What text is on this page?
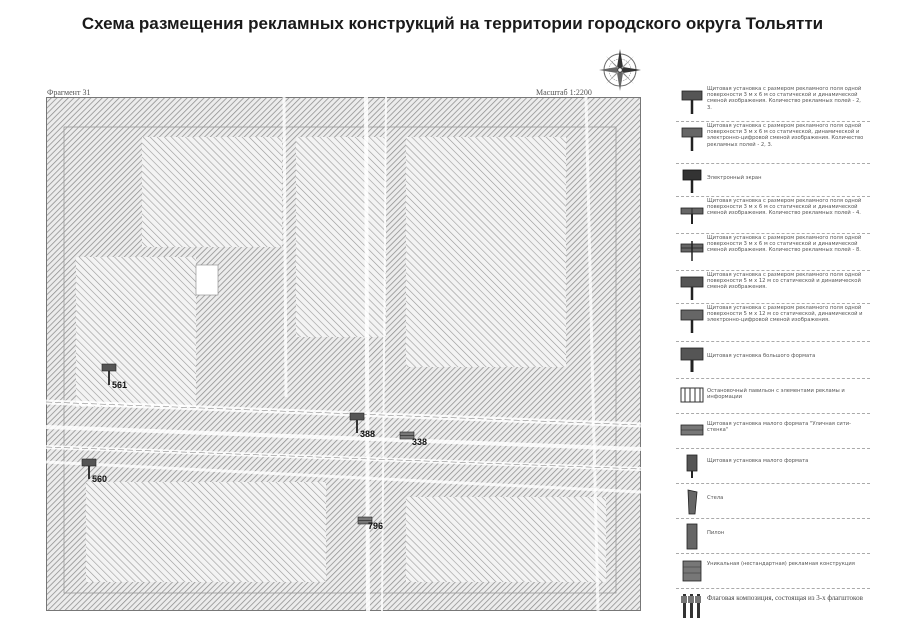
Схема размещения рекламных конструкций на территории городского округа Тольятти
Фрагмент 31	Масштаб 1:2200
561
388
338
560
796
Щитовая установка с размером рекламного поля одной поверхности 3 м x 6 м со статической и динамической сменой изображения. Количество рекламных полей - 2, 3.
Щитовая установка с размером рекламного поля одной поверхности 3 м x 6 м со статической, динамической и электронно-цифровой сменой изображения. Количество рекламных полей - 2, 3.
Электронный экран
Щитовая установка с размером рекламного поля одной поверхности 3 м x 6 м со статической и динамической сменой изображения. Количество рекламных полей - 4.
Щитовая установка с размером рекламного поля одной поверхности 3 м x 6 м со статической и динамической сменой изображения. Количество рекламных полей - 8.
Щитовая установка с размером рекламного поля одной поверхности 5 м x 12 м со статической и динамической сменой изображения.
Щитовая установка с размером рекламного поля одной поверхности 5 м x 12 м со статической, динамической и электронно-цифровой сменой изображения.
Щитовая установка большого формата
Остановочный павильон с элементами рекламы и информации
Щитовая установка малого формата "Уличная сити-стенка"
Щитовая установка малого формата
Стела
Пилон
Уникальная (нестандартная) рекламная конструкция
Флаговая композиция, состоящая из 3-х флагштоков
